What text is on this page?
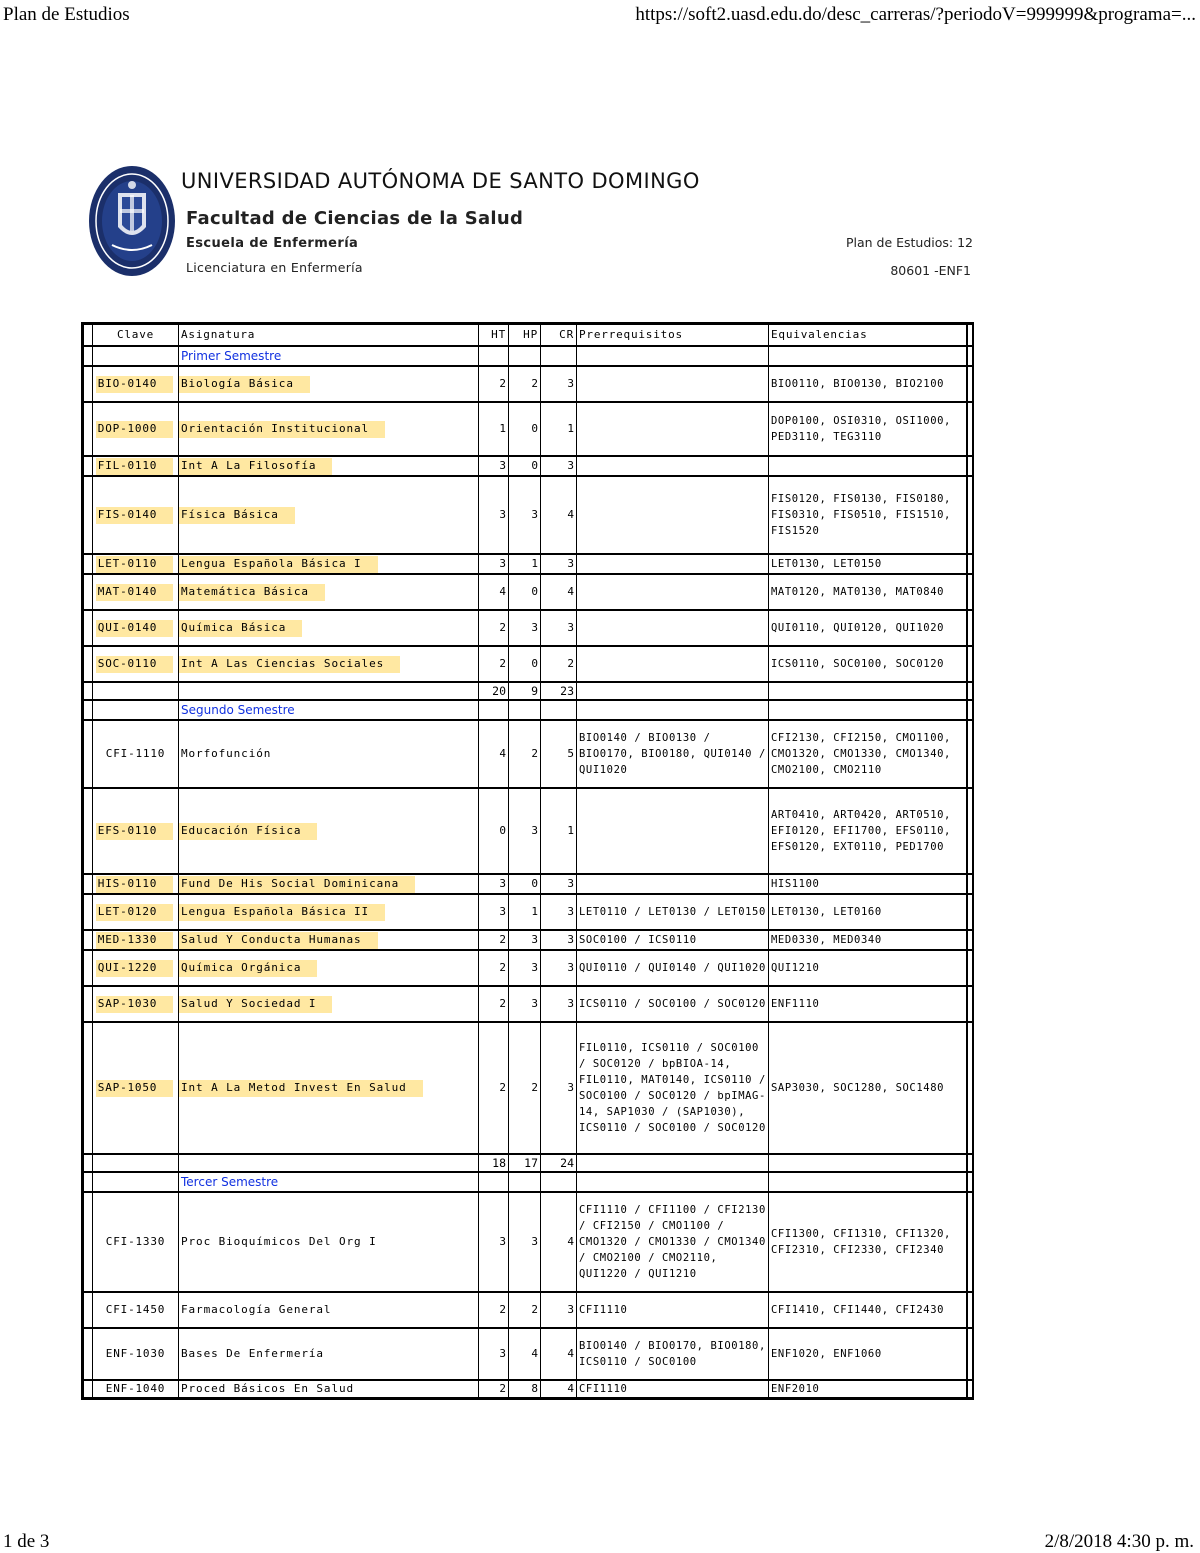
Plan de Estudios	https://soft2.uasd.edu.do/desc_carreras/?periodoV=999999&programa=...
UNIVERSIDAD AUTÓNOMA DE SANTO DOMINGO
Facultad de Ciencias de la Salud
Escuela de Enfermería
Licenciatura en Enfermería
Plan de Estudios: 12
80601 -ENF1
	Clave	Asignatura	HT	HP	CR	Prerrequisitos	Equivalencias	
		Primer Semestre						
	BIO-0140	Biología Básica	2	2	3		BIO0110, BIO0130, BIO2100	
	DOP-1000	Orientación Institucional	1	0	1		DOP0100, OSI0310, OSI1000, PED3110, TEG3110	
	FIL-0110	Int A La Filosofía	3	0	3			
	FIS-0140	Física Básica	3	3	4		FIS0120, FIS0130, FIS0180, FIS0310, FIS0510, FIS1510, FIS1520	
	LET-0110	Lengua Española Básica I	3	1	3		LET0130, LET0150	
	MAT-0140	Matemática Básica	4	0	4		MAT0120, MAT0130, MAT0840	
	QUI-0140	Química Básica	2	3	3		QUI0110, QUI0120, QUI1020	
	SOC-0110	Int A Las Ciencias Sociales	2	0	2		ICS0110, SOC0100, SOC0120	
			20	9	23			
		Segundo Semestre						
	CFI-1110	Morfofunción	4	2	5	BIO0140 / BIO0130 / BIO0170, BIO0180, QUI0140 / QUI1020	CFI2130, CFI2150, CMO1100, CMO1320, CMO1330, CMO1340, CMO2100, CMO2110	
	EFS-0110	Educación Física	0	3	1		ART0410, ART0420, ART0510, EFI0120, EFI1700, EFS0110, EFS0120, EXT0110, PED1700	
	HIS-0110	Fund De His Social Dominicana	3	0	3		HIS1100	
	LET-0120	Lengua Española Básica II	3	1	3	LET0110 / LET0130 / LET0150	LET0130, LET0160	
	MED-1330	Salud Y Conducta Humanas	2	3	3	SOC0100 / ICS0110	MED0330, MED0340	
	QUI-1220	Química Orgánica	2	3	3	QUI0110 / QUI0140 / QUI1020	QUI1210	
	SAP-1030	Salud Y Sociedad I	2	3	3	ICS0110 / SOC0100 / SOC0120	ENF1110	
	SAP-1050	Int A La Metod Invest En Salud	2	2	3	FIL0110, ICS0110 / SOC0100 / SOC0120 / bpBIOA-14, FIL0110, MAT0140, ICS0110 / SOC0100 / SOC0120 / bpIMAG-14, SAP1030 / (SAP1030), ICS0110 / SOC0100 / SOC0120	SAP3030, SOC1280, SOC1480	
			18	17	24			
		Tercer Semestre						
	CFI-1330	Proc Bioquímicos Del Org I	3	3	4	CFI1110 / CFI1100 / CFI2130 / CFI2150 / CMO1100 / CMO1320 / CMO1330 / CMO1340 / CMO2100 / CMO2110, QUI1220 / QUI1210	CFI1300, CFI1310, CFI1320, CFI2310, CFI2330, CFI2340	
	CFI-1450	Farmacología General	2	2	3	CFI1110	CFI1410, CFI1440, CFI2430	
	ENF-1030	Bases De Enfermería	3	4	4	BIO0140 / BIO0170, BIO0180, ICS0110 / SOC0100	ENF1020, ENF1060	
	ENF-1040	Proced Básicos En Salud	2	8	4	CFI1110	ENF2010	
1 de 3	2/8/2018 4:30 p. m.
